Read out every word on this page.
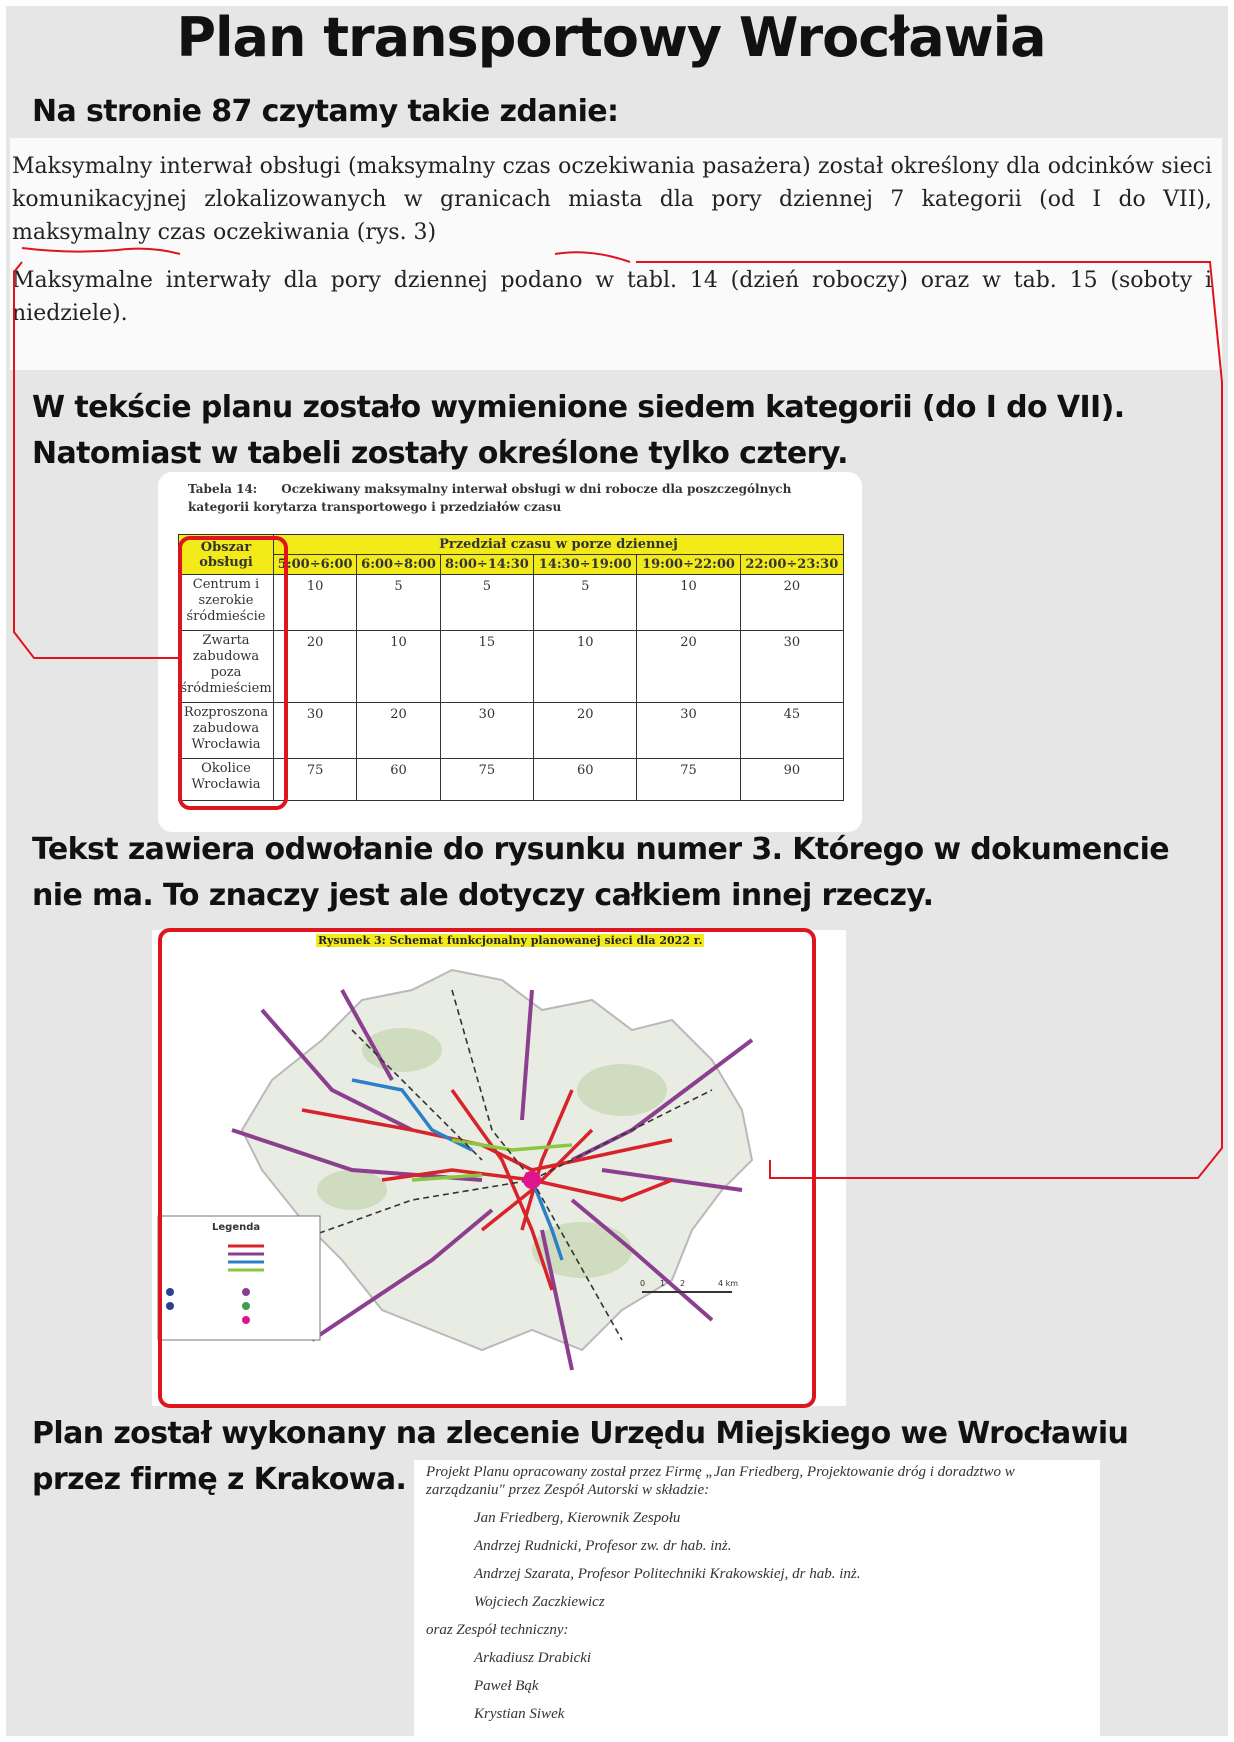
Plan transportowy Wrocławia
Na stronie 87 czytamy takie zdanie:
Maksymalny interwał obsługi (maksymalny czas oczekiwania pasażera) został określony dla odcinków sieci komunikacyjnej zlokalizowanych w granicach miasta dla pory dziennej 7 kategorii (od I do VII), maksymalny czas oczekiwania (rys. 3)
Maksymalne interwały dla pory dziennej podano w tabl. 14 (dzień roboczy) oraz w tab. 15 (soboty i niedziele).
W tekście planu zostało wymienione siedem kategorii (do I do VII).
Natomiast w tabeli zostały określone tylko cztery.
Tabela 14: Oczekiwany maksymalny interwał obsługi w dni robocze dla poszczególnych kategorii korytarza transportowego i przedziałów czasu
Obszar obsługi	Przedział czasu w porze dziennej					
	5:00÷6:00	6:00÷8:00	8:00÷14:30	14:30÷19:00	19:00÷22:00	22:00÷23:30
Centrum i szerokie śródmieście	10	5	5	5	10	20
Zwarta zabudowa poza śródmieściem	20	10	15	10	20	30
Rozproszona zabudowa Wrocławia	30	20	30	20	30	45
Okolice Wrocławia	75	60	75	60	75	90
Tekst zawiera odwołanie do rysunku numer 3. Którego w dokumencie
nie ma. To znaczy jest ale dotyczy całkiem innej rzeczy.
Rysunek 3: Schemat funkcjonalny planowanej sieci dla 2022 r.
Legenda
0 1 2	4 km
Plan został wykonany na zlecenie Urzędu Miejskiego we Wrocławiu
przez firmę z Krakowa. Projekt Planu opracowany został przez Firmę „Jan Friedberg, Projektowanie dróg i doradztwo w
zarządzaniu" przez Zespół Autorski w składzie:
Jan Friedberg, Kierownik Zespołu
Andrzej Rudnicki, Profesor zw. dr hab. inż.
Andrzej Szarata, Profesor Politechniki Krakowskiej, dr hab. inż.
Wojciech Zaczkiewicz
oraz Zespół techniczny:
Arkadiusz Drabicki
Paweł Bąk
Krystian Siwek
